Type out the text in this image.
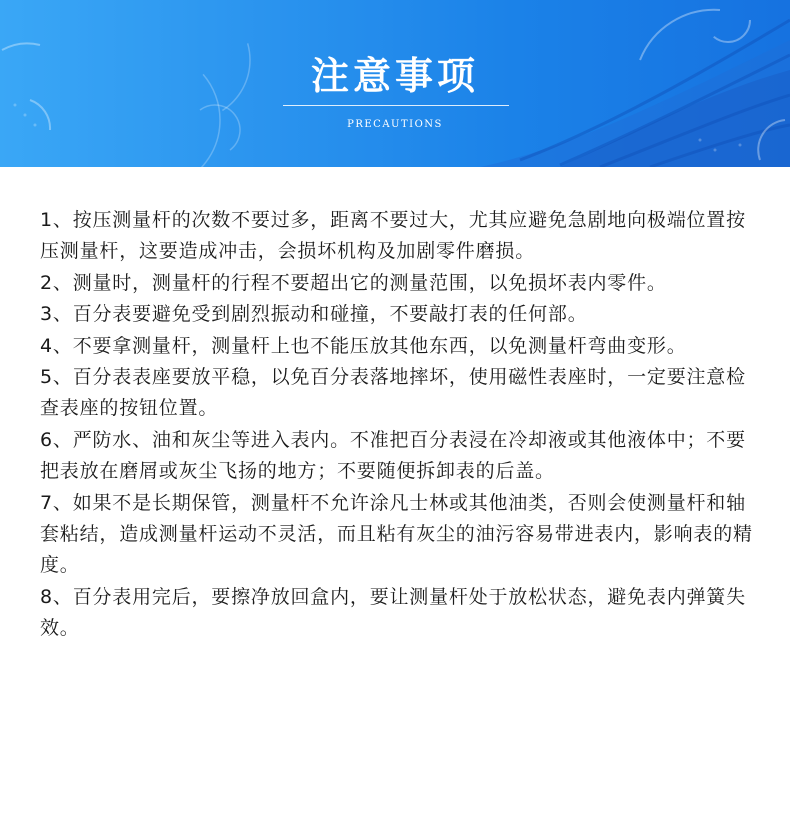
注意事项
PRECAUTIONS

1、按压测量杆的次数不要过多，距离不要过大，尤其应避免急剧地向极端位置按压测量杆，这要造成冲击，会损坏机构及加剧零件磨损。

2、测量时，测量杆的行程不要超出它的测量范围，以免损坏表内零件。

3、百分表要避免受到剧烈振动和碰撞，不要敲打表的任何部。

4、不要拿测量杆，测量杆上也不能压放其他东西，以免测量杆弯曲变形。

5、百分表表座要放平稳，以免百分表落地摔坏，使用磁性表座时，一定要注意检查表座的按钮位置。

6、严防水、油和灰尘等进入表内。不准把百分表浸在冷却液或其他液体中；不要把表放在磨屑或灰尘飞扬的地方；不要随便拆卸表的后盖。

7、如果不是长期保管，测量杆不允许涂凡士林或其他油类，否则会使测量杆和轴套粘结，造成测量杆运动不灵活，而且粘有灰尘的油污容易带进表内，影响表的精度。

8、百分表用完后，要擦净放回盒内，要让测量杆处于放松状态，避免表内弹簧失效。
